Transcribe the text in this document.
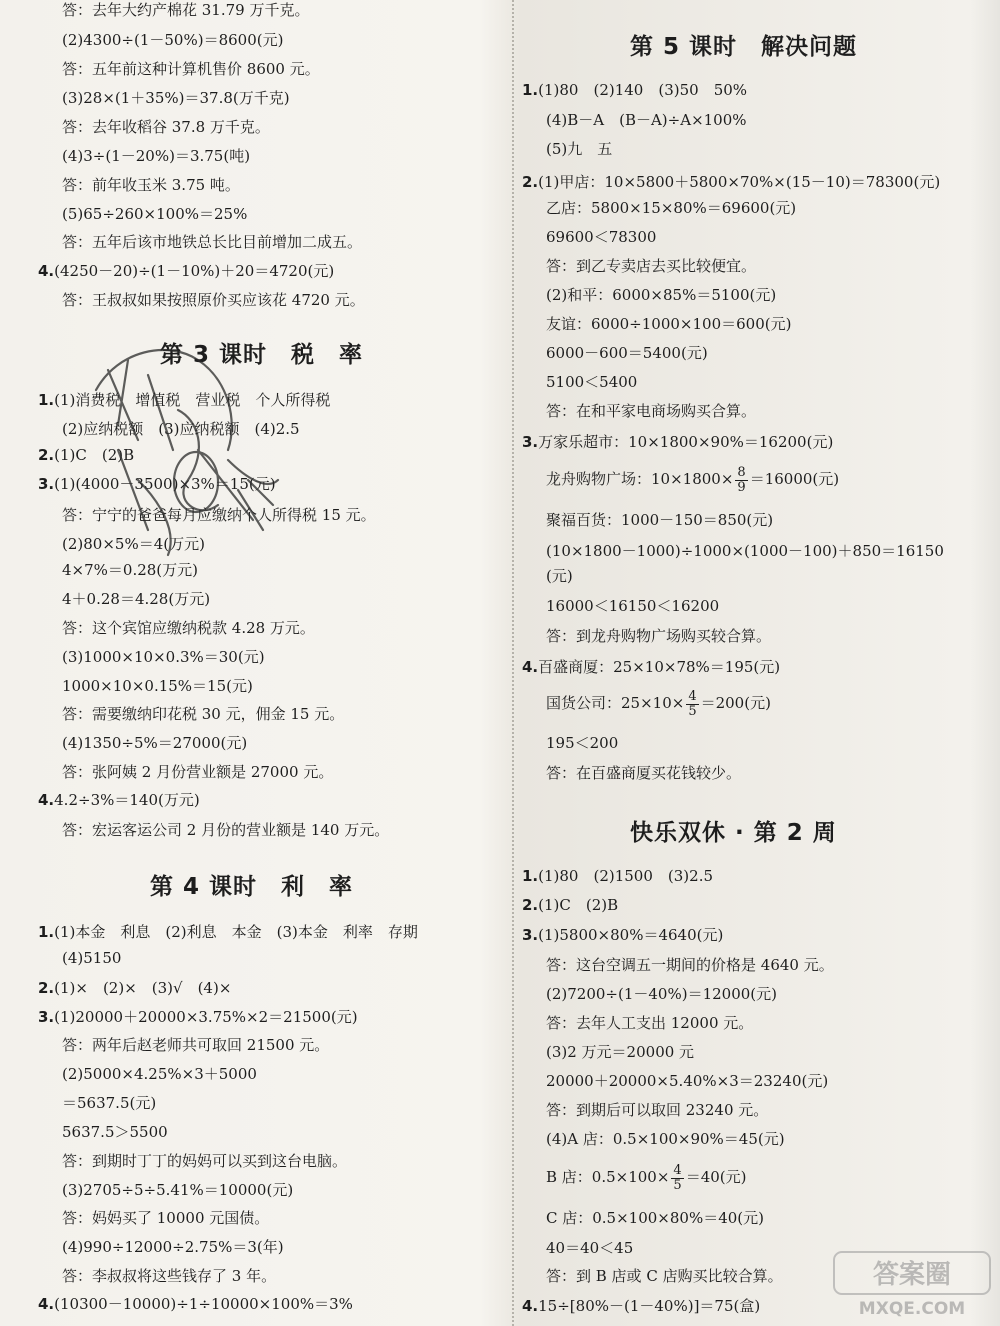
答：去年大约产棉花 31.79 万千克。
(2)4300÷(1－50%)＝8600(元)
答：五年前这种计算机售价 8600 元。
(3)28×(1＋35%)＝37.8(万千克)
答：去年收稻谷 37.8 万千克。
(4)3÷(1－20%)＝3.75(吨)
答：前年收玉米 3.75 吨。
(5)65÷260×100%＝25%
答：五年后该市地铁总长比目前增加二成五。
4.(4250－20)÷(1－10%)＋20＝4720(元)
答：王叔叔如果按照原价买应该花 4720 元。
第 3 课时　税　率
1.(1)消费税　增值税　营业税　个人所得税
(2)应纳税额　(3)应纳税额　(4)2.5
2.(1)C　(2)B
3.(1)(4000－3500)×3%＝15(元)
答：宁宁的爸爸每月应缴纳个人所得税 15 元。
(2)80×5%＝4(万元)
4×7%＝0.28(万元)
4＋0.28＝4.28(万元)
答：这个宾馆应缴纳税款 4.28 万元。
(3)1000×10×0.3%＝30(元)
1000×10×0.15%＝15(元)
答：需要缴纳印花税 30 元，佣金 15 元。
(4)1350÷5%＝27000(元)
答：张阿姨 2 月份营业额是 27000 元。
4.4.2÷3%＝140(万元)
答：宏运客运公司 2 月份的营业额是 140 万元。
第 4 课时　利　率
1.(1)本金　利息　(2)利息　本金　(3)本金　利率　存期
(4)5150
2.(1)×　(2)×　(3)√　(4)×
3.(1)20000＋20000×3.75%×2＝21500(元)
答：两年后赵老师共可取回 21500 元。
(2)5000×4.25%×3＋5000
＝5637.5(元)
5637.5＞5500
答：到期时丁丁的妈妈可以买到这台电脑。
(3)2705÷5÷5.41%＝10000(元)
答：妈妈买了 10000 元国债。
(4)990÷12000÷2.75%＝3(年)
答：李叔叔将这些钱存了 3 年。
4.(10300－10000)÷1÷10000×100%＝3%
第 5 课时　解决问题
1.(1)80　(2)140　(3)50　50%
(4)B－A　(B－A)÷A×100%
(5)九　五
2.(1)甲店：10×5800＋5800×70%×(15－10)＝78300(元)
乙店：5800×15×80%＝69600(元)
69600＜78300
答：到乙专卖店去买比较便宜。
(2)和平：6000×85%＝5100(元)
友谊：6000÷1000×100＝600(元)
6000－600＝5400(元)
5100＜5400
答：在和平家电商场购买合算。
3.万家乐超市：10×1800×90%＝16200(元)
龙舟购物广场：$10\times 1800\times \frac{8}{9} =16000$(元)
聚福百货：1000－150＝850(元)
(10×1800－1000)÷1000×(1000－100)＋850＝16150
(元)
16000＜16150＜16200
答：到龙舟购物广场购买较合算。
4.百盛商厦：25×10×78%＝195(元)
国货公司：$25\times 10\times \frac{4}{5} =200$(元)
195＜200
答：在百盛商厦买花钱较少。
快乐双休 · 第 2 周
1.(1)80　(2)1500　(3)2.5
2.(1)C　(2)B
3.(1)5800×80%＝4640(元)
答：这台空调五一期间的价格是 4640 元。
(2)7200÷(1－40%)＝12000(元)
答：去年人工支出 12000 元。
(3)2 万元＝20000 元
20000＋20000×5.40%×3＝23240(元)
答：到期后可以取回 23240 元。
(4)A 店：0.5×100×90%＝45(元)
B 店：$0.5\times 100\times \frac{4}{5} =40$(元)
C 店：0.5×100×80%＝40(元)
40＝40＜45
答：到 B 店或 C 店购买比较合算。
4.15÷[80%－(1－40%)]＝75(盒)
答案圈
MXQE.COM
